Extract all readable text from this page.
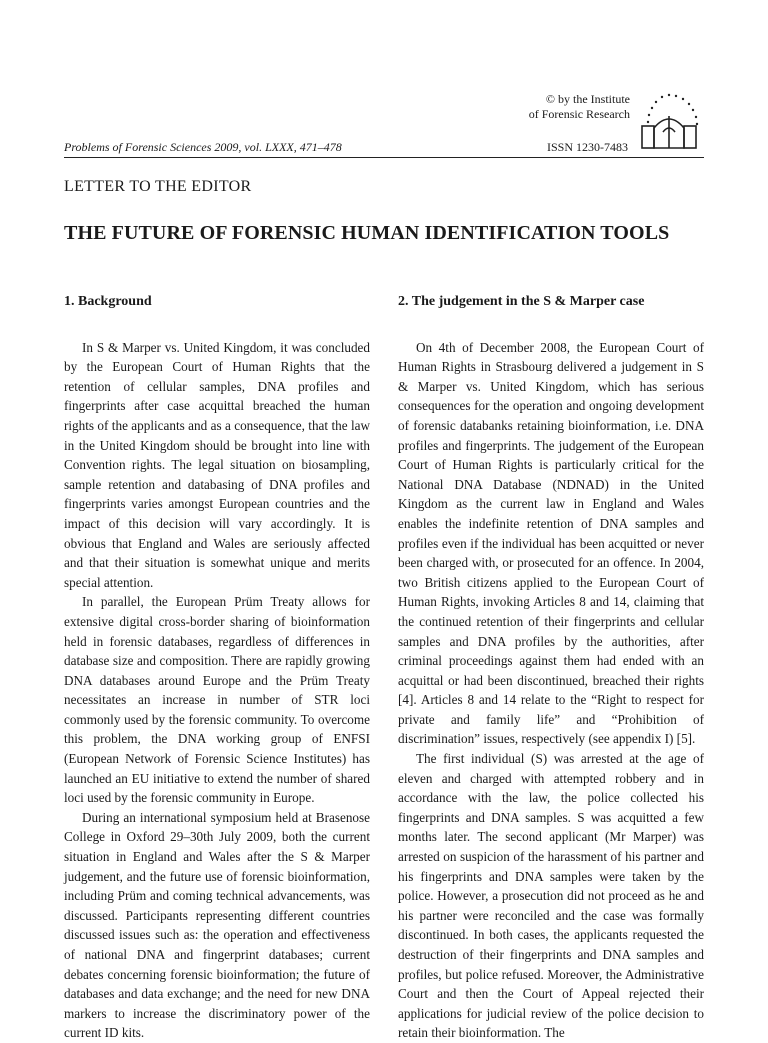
© by the Institute
of Forensic Research
Problems of Forensic Sciences 2009, vol. LXXX, 471–478	ISSN 1230-7483
LETTER TO THE EDITOR
THE FUTURE OF FORENSIC HUMAN IDENTIFICATION TOOLS
1. Background

In S & Marper vs. United Kingdom, it was concluded by the European Court of Human Rights that the retention of cellular samples, DNA profiles and fingerprints after case acquittal breached the human rights of the applicants and as a consequence, that the law in the United Kingdom should be brought into line with Convention rights. The legal situation on biosampling, sample retention and databasing of DNA profiles and fingerprints varies amongst European countries and the impact of this decision will vary accordingly. It is obvious that England and Wales are seriously affected and that their situation is somewhat unique and merits special attention.

In parallel, the European Prüm Treaty allows for extensive digital cross-border sharing of bioinformation held in forensic databases, regardless of differences in database size and composition. There are rapidly growing DNA databases around Europe and the Prüm Treaty necessitates an increase in number of STR loci commonly used by the forensic community. To overcome this problem, the DNA working group of ENFSI (European Network of Forensic Science Institutes) has launched an EU initiative to extend the number of shared loci used by the forensic community in Europe.

During an international symposium held at Brasenose College in Oxford 29–30th July 2009, both the current situation in England and Wales after the S & Marper judgement, and the future use of forensic bioinformation, including Prüm and coming technical advancements, was discussed. Participants representing different countries discussed issues such as: the operation and effectiveness of national DNA and fingerprint databases; current debates concerning forensic bioinformation; the future of databases and data exchange; and the need for new DNA markers to increase the discriminatory power of the current ID kits.

2. The judgement in the S & Marper case

On 4th of December 2008, the European Court of Human Rights in Strasbourg delivered a judgement in S & Marper vs. United Kingdom, which has serious consequences for the operation and ongoing development of forensic databanks retaining bioinformation, i.e. DNA profiles and fingerprints. The judgement of the European Court of Human Rights is particularly critical for the National DNA Database (NDNAD) in the United Kingdom as the current law in England and Wales enables the indefinite retention of DNA samples and profiles even if the individual has been acquitted or never been charged with, or prosecuted for an offence. In 2004, two British citizens applied to the European Court of Human Rights, invoking Articles 8 and 14, claiming that the continued retention of their fingerprints and cellular samples and DNA profiles by the authorities, after criminal proceedings against them had ended with an acquittal or had been discontinued, breached their rights [4]. Articles 8 and 14 relate to the “Right to respect for private and family life” and “Prohibition of discrimination” issues, respectively (see appendix I) [5].

The first individual (S) was arrested at the age of eleven and charged with attempted robbery and in accordance with the law, the police collected his fingerprints and DNA samples. S was acquitted a few months later. The second applicant (Mr Marper) was arrested on suspicion of the harassment of his partner and his fingerprints and DNA samples were taken by the police. However, a prosecution did not proceed as he and his partner were reconciled and the case was formally discontinued. In both cases, the applicants requested the destruction of their fingerprints and DNA samples and profiles, but police refused. Moreover, the Administrative Court and then the Court of Appeal rejected their applications for judicial review of the police decision to retain their bioinformation. The
